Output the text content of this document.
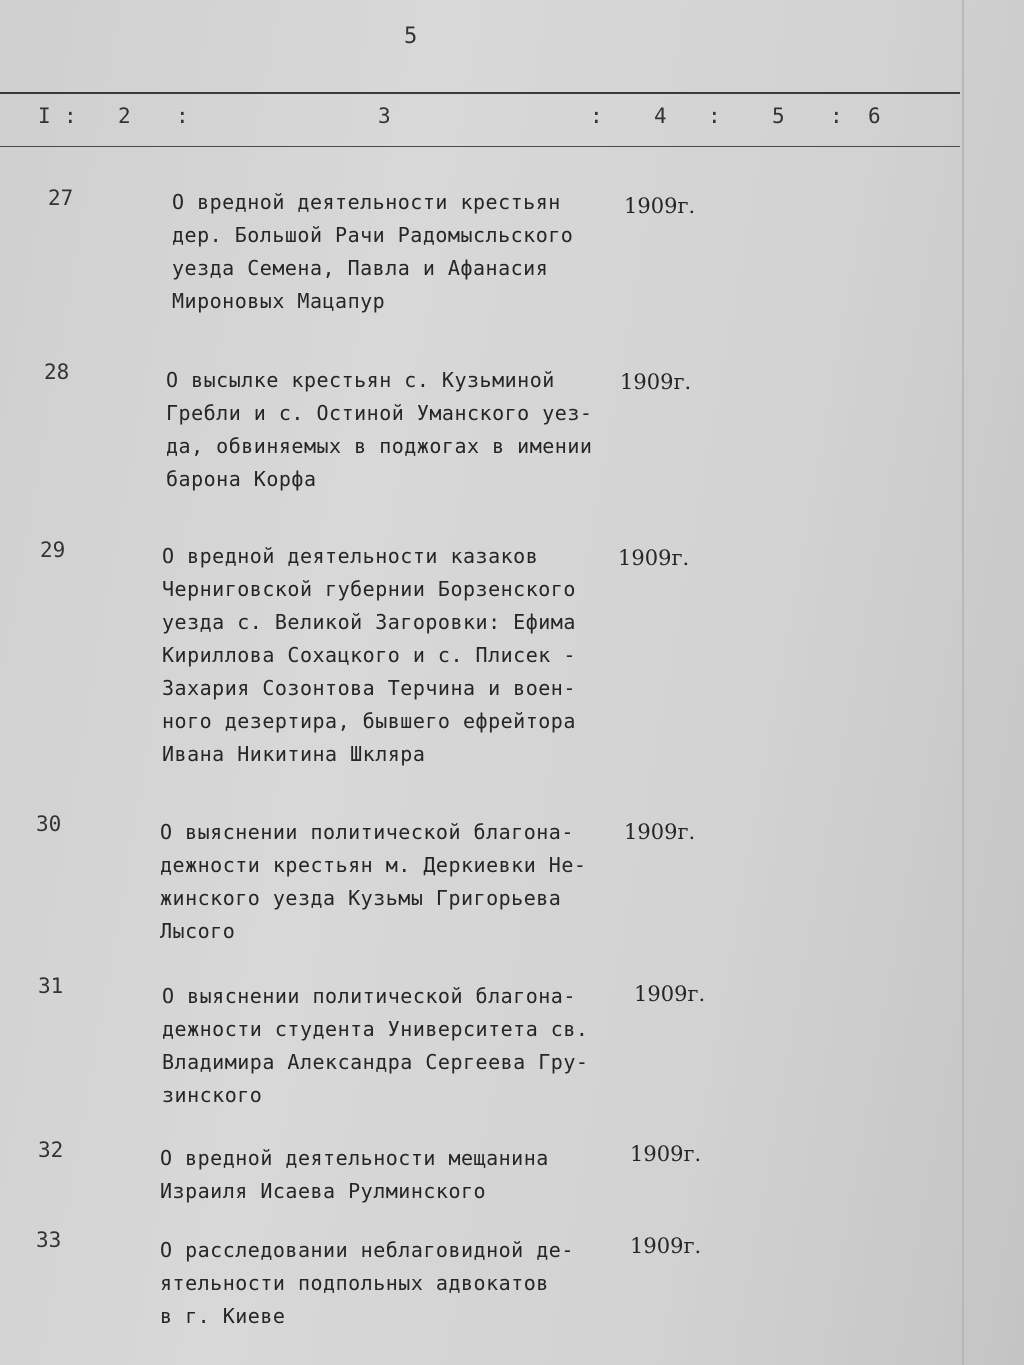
5
I : 2 :	3	: 4 : 5 : 6
27	О вредной деятельности крестьян
дер. Большой Рачи Радомысльского
уезда Семена, Павла и Афанасия
Мироновых Мацапур
1909г.
28	О высылке крестьян с. Кузьминой
Гребли и с. Остиной Уманского уез-
да, обвиняемых в поджогах в имении
барона Корфа
1909г.
29	О вредной деятельности казаков
Черниговской губернии Борзенского
уезда с. Великой Загоровки: Ефима
Кириллова Сохацкого и с. Плисек -
Захария Созонтова Терчина и воен-
ного дезертира, бывшего ефрейтора
Ивана Никитина Шкляра
1909г.
30	О выяснении политической благона-
дежности крестьян м. Деркиевки Не-
жинского уезда Кузьмы Григорьева
Лысого
1909г.
31	О выяснении политической благона-
дежности студента Университета св.
Владимира Александра Сергеева Гру-
зинского
1909г.
32	О вредной деятельности мещанина
Израиля Исаева Рулминского
1909г.
33	О расследовании неблаговидной де-
ятельности подпольных адвокатов
в г. Киеве
1909г.
